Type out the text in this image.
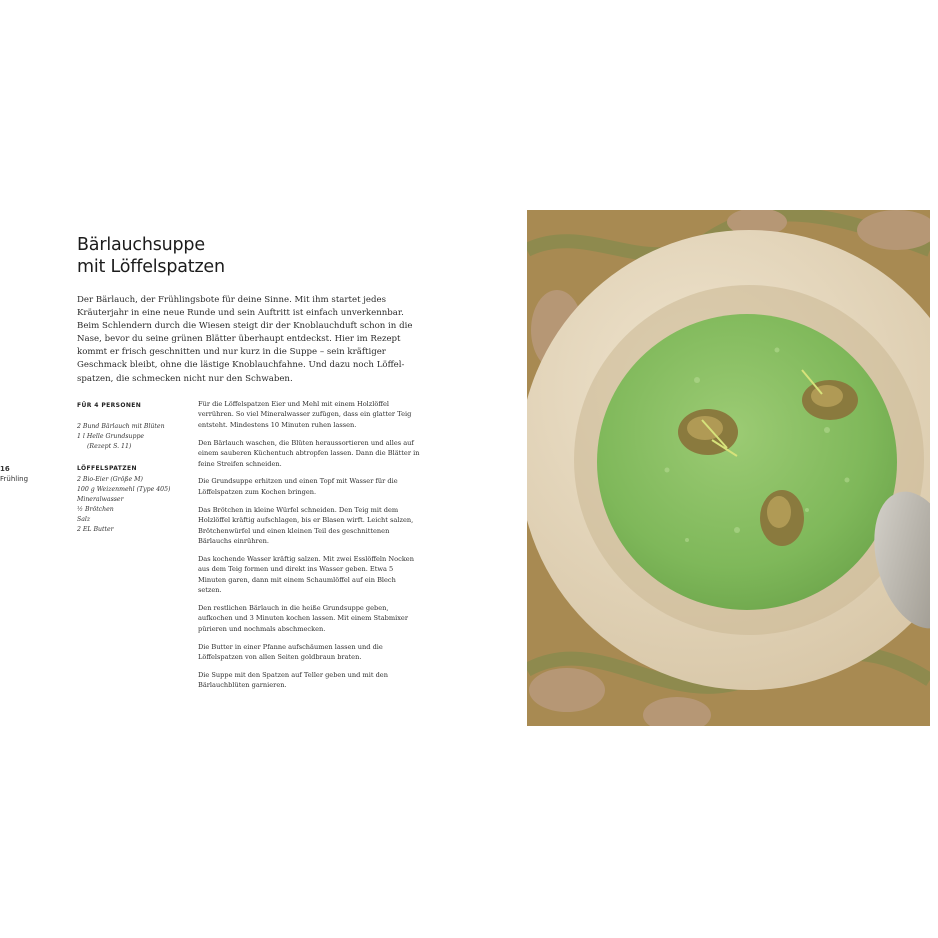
Bärlauchsuppe
mit Löffelspatzen

Der Bärlauch, der Frühlingsbote für deine Sinne. Mit ihm startet jedes Kräuterjahr in eine neue Runde und sein Auftritt ist einfach unverkennbar. Beim Schlendern durch die Wiesen steigt dir der Knoblauchduft schon in die Nase, bevor du seine grünen Blätter überhaupt entdeckst. Hier im Rezept kommt er frisch geschnitten und nur kurz in die Suppe – sein kräftiger Geschmack bleibt, ohne die lästige Knoblauchfahne. Und dazu noch Löffel-spatzen, die schmecken nicht nur den Schwaben.

16
Frühling
FÜR 4 PERSONEN
2 Bund Bärlauch mit Blüten
1 l Helle Grundsuppe
(Rezept S. 11)
LÖFFELSPATZEN
2 Bio-Eier (Größe M)
100 g Weizenmehl (Type 405)
Mineralwasser
½ Brötchen
Salz
2 EL Butter

Für die Löffelspatzen Eier und Mehl mit einem Holzlöffel verrühren. So viel Mineralwasser zufügen, dass ein glatter Teig entsteht. Mindestens 10 Minuten ruhen lassen.

Den Bärlauch waschen, die Blüten heraussortieren und alles auf einem sauberen Küchentuch abtropfen lassen. Dann die Blätter in feine Streifen schneiden.

Die Grundsuppe erhitzen und einen Topf mit Wasser für die Löffelspatzen zum Kochen bringen.

Das Brötchen in kleine Würfel schneiden. Den Teig mit dem Holzlöffel kräftig aufschlagen, bis er Blasen wirft. Leicht salzen, Brötchenwürfel und einen kleinen Teil des geschnittenen Bärlauchs einrühren.

Das kochende Wasser kräftig salzen. Mit zwei Esslöffeln Nocken aus dem Teig formen und direkt ins Wasser geben. Etwa 5 Minuten garen, dann mit einem Schaumlöffel auf ein Blech setzen.

Den restlichen Bärlauch in die heiße Grundsuppe geben, aufkochen und 3 Minuten kochen lassen. Mit einem Stabmixer pürieren und nochmals abschmecken.

Die Butter in einer Pfanne aufschäumen lassen und die Löffelspatzen von allen Seiten goldbraun braten.

Die Suppe mit den Spatzen auf Teller geben und mit den Bärlauchblüten garnieren.
